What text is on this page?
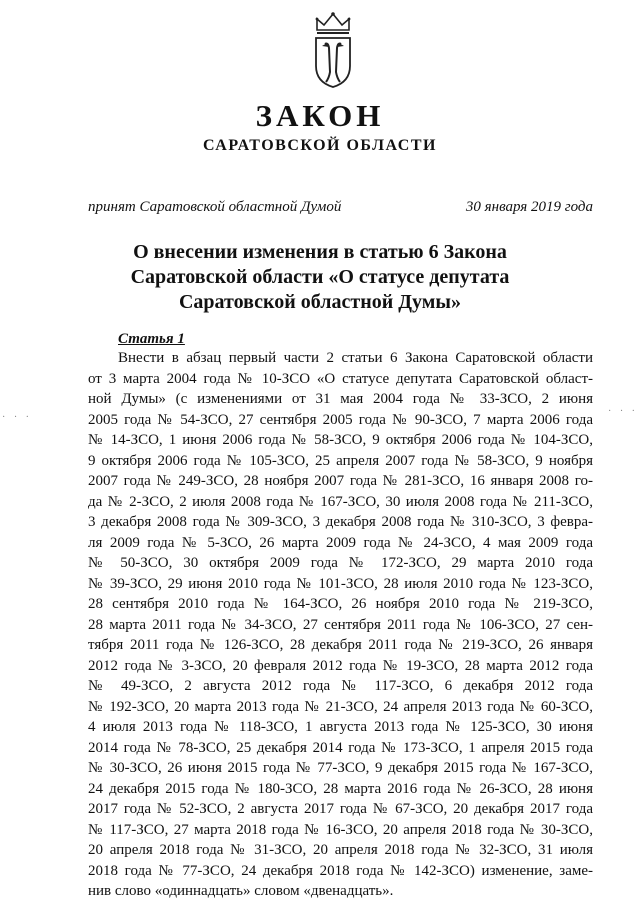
ЗАКОН
САРАТОВСКОЙ ОБЛАСТИ
принят Саратовской областной Думой	30 января 2019 года
О внесении изменения в статью 6 Закона
Саратовской области «О статусе депутата
Саратовской областной Думы»
Статья 1
Внести в абзац первый части 2 статьи 6 Закона Саратовской области
от 3 марта 2004 года № 10-ЗСО «О статусе депутата Саратовской област-
ной Думы» (с изменениями от 31 мая 2004 года № 33-ЗСО, 2 июня
2005 года № 54-ЗСО, 27 сентября 2005 года № 90-ЗСО, 7 марта 2006 года
№ 14-ЗСО, 1 июня 2006 года № 58-ЗСО, 9 октября 2006 года № 104-ЗСО,
9 октября 2006 года № 105-ЗСО, 25 апреля 2007 года № 58-ЗСО, 9 ноября
2007 года № 249-ЗСО, 28 ноября 2007 года № 281-ЗСО, 16 января 2008 го-
да № 2-ЗСО, 2 июля 2008 года № 167-ЗСО, 30 июля 2008 года № 211-ЗСО,
3 декабря 2008 года № 309-ЗСО, 3 декабря 2008 года № 310-ЗСО, 3 февра-
ля 2009 года № 5-ЗСО, 26 марта 2009 года № 24-ЗСО, 4 мая 2009 года
№ 50-ЗСО, 30 октября 2009 года № 172-ЗСО, 29 марта 2010 года
№ 39-ЗСО, 29 июня 2010 года № 101-ЗСО, 28 июля 2010 года № 123-ЗСО,
28 сентября 2010 года № 164-ЗСО, 26 ноября 2010 года № 219-ЗСО,
28 марта 2011 года № 34-ЗСО, 27 сентября 2011 года № 106-ЗСО, 27 сен-
тября 2011 года № 126-ЗСО, 28 декабря 2011 года № 219-ЗСО, 26 января
2012 года № 3-ЗСО, 20 февраля 2012 года № 19-ЗСО, 28 марта 2012 года
№ 49-ЗСО, 2 августа 2012 года № 117-ЗСО, 6 декабря 2012 года
№ 192-ЗСО, 20 марта 2013 года № 21-ЗСО, 24 апреля 2013 года № 60-ЗСО,
4 июля 2013 года № 118-ЗСО, 1 августа 2013 года № 125-ЗСО, 30 июня
2014 года № 78-ЗСО, 25 декабря 2014 года № 173-ЗСО, 1 апреля 2015 года
№ 30-ЗСО, 26 июня 2015 года № 77-ЗСО, 9 декабря 2015 года № 167-ЗСО,
24 декабря 2015 года № 180-ЗСО, 28 марта 2016 года № 26-ЗСО, 28 июня
2017 года № 52-ЗСО, 2 августа 2017 года № 67-ЗСО, 20 декабря 2017 года
№ 117-ЗСО, 27 марта 2018 года № 16-ЗСО, 20 апреля 2018 года № 30-ЗСО,
20 апреля 2018 года № 31-ЗСО, 20 апреля 2018 года № 32-ЗСО, 31 июля
2018 года № 77-ЗСО, 24 декабря 2018 года № 142-ЗСО) изменение, заме-
нив слово «одиннадцать» словом «двенадцать».
· · ·
· · ·
